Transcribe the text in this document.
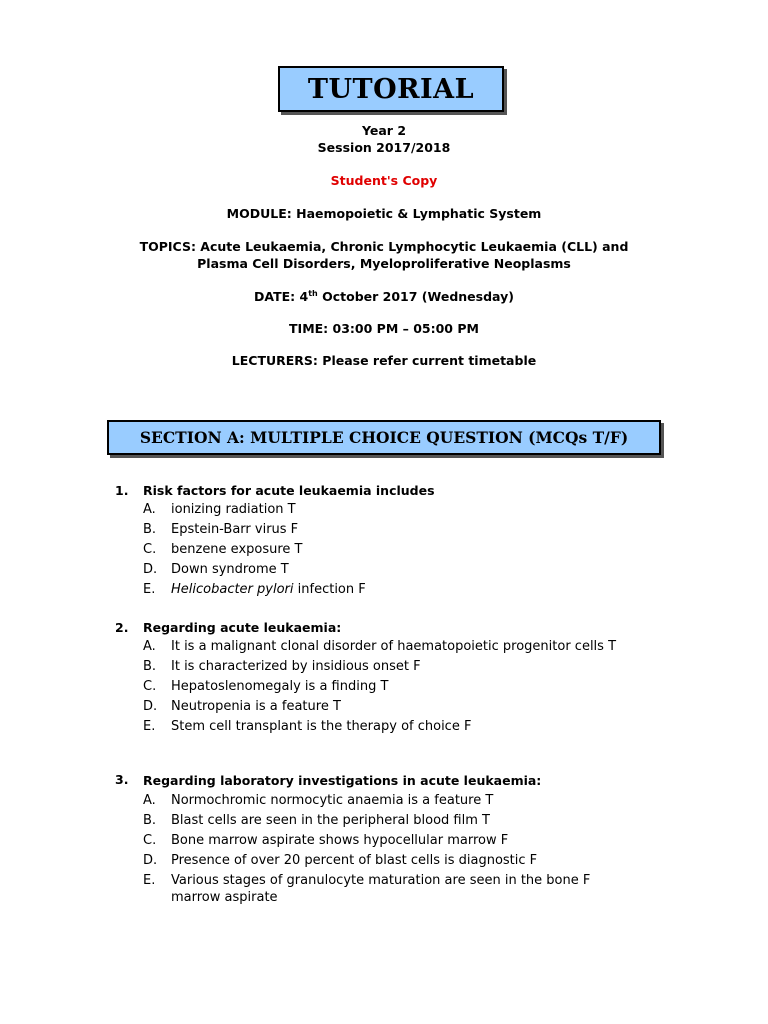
TUTORIAL
Year 2
Session 2017/2018
Student's Copy
MODULE: Haemopoietic & Lymphatic System
TOPICS: Acute Leukaemia, Chronic Lymphocytic Leukaemia (CLL) and
Plasma Cell Disorders, Myeloproliferative Neoplasms
DATE: 4th October 2017 (Wednesday)
TIME: 03:00 PM – 05:00 PM
LECTURERS: Please refer current timetable
SECTION A: MULTIPLE CHOICE QUESTION (MCQs T/F)
1. Risk factors for acute leukaemia includes
A. ionizing radiation T
B. Epstein-Barr virus F
C. benzene exposure T
D. Down syndrome T
E. Helicobacter pylori infection F
2. Regarding acute leukaemia:
A. It is a malignant clonal disorder of haematopoietic progenitor cells T
B. It is characterized by insidious onset F
C. Hepatoslenomegaly is a finding T
D. Neutropenia is a feature T
E. Stem cell transplant is the therapy of choice F
3. Regarding laboratory investigations in acute leukaemia:
A. Normochromic normocytic anaemia is a feature T
B. Blast cells are seen in the peripheral blood film T
C. Bone marrow aspirate shows hypocellular marrow F
D. Presence of over 20 percent of blast cells is diagnostic F
E. Various stages of granulocyte maturation are seen in the bone F
marrow aspirate
